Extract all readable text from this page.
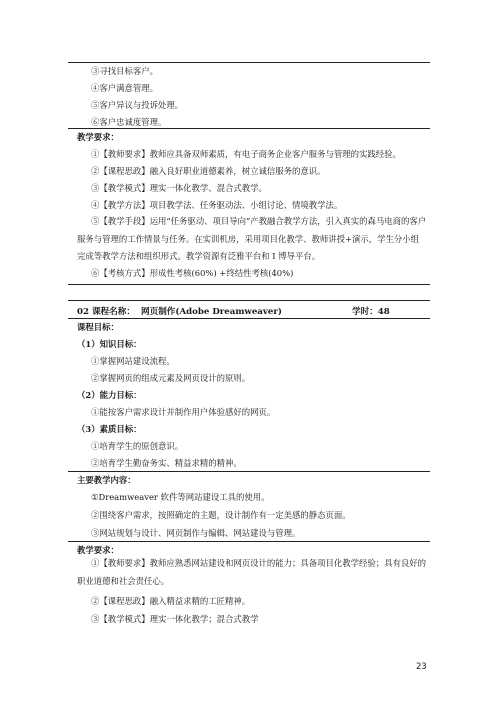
③寻找目标客户。
④客户满意管理。
⑤客户异议与投诉处理。
⑥客户忠诚度管理。
教学要求：
①【教师要求】教师应具备双师素质，有电子商务企业客户服务与管理的实践经验。
②【课程思政】融入良好职业道德素养，树立诚信服务的意识。
③【教学模式】理实一体化教学、混合式教学。
④【教学方法】项目教学法、任务驱动法、小组讨论、情境教学法。
⑤【教学手段】运用“任务驱动、项目导向”产教融合教学方法，引入真实的森马电商的客户服务与管理的工作情景与任务。在实训机房，采用项目化教学、教师讲授+演示，学生分小组完成等教学方法和组织形式。教学资源有泛雅平台和 I 博导平台。
⑥【考核方式】形成性考核(60%) +终结性考核(40%)
02 课程名称： 网页制作(Adobe Dreamweaver)	学时：48
课程目标：
（1）知识目标：
①掌握网站建设流程。
②掌握网页的组成元素及网页设计的原则。
（2）能力目标：
①能按客户需求设计并制作用户体验感好的网页。
（3）素质目标：
①培育学生的原创意识。
②培育学生勤奋务实、精益求精的精神。
主要教学内容：
①Dreamweaver 软件等网站建设工具的使用。
②围绕客户需求，按照确定的主题，设计制作有一定美感的静态页面。
③网站规划与设计、网页制作与编辑、网站建设与管理。
教学要求：
①【教师要求】教师应熟悉网站建设和网页设计的能力；具备项目化教学经验；具有良好的职业道德和社会责任心。
②【课程思政】融入精益求精的工匠精神。
③【教学模式】理实一体化教学；混合式教学
23
